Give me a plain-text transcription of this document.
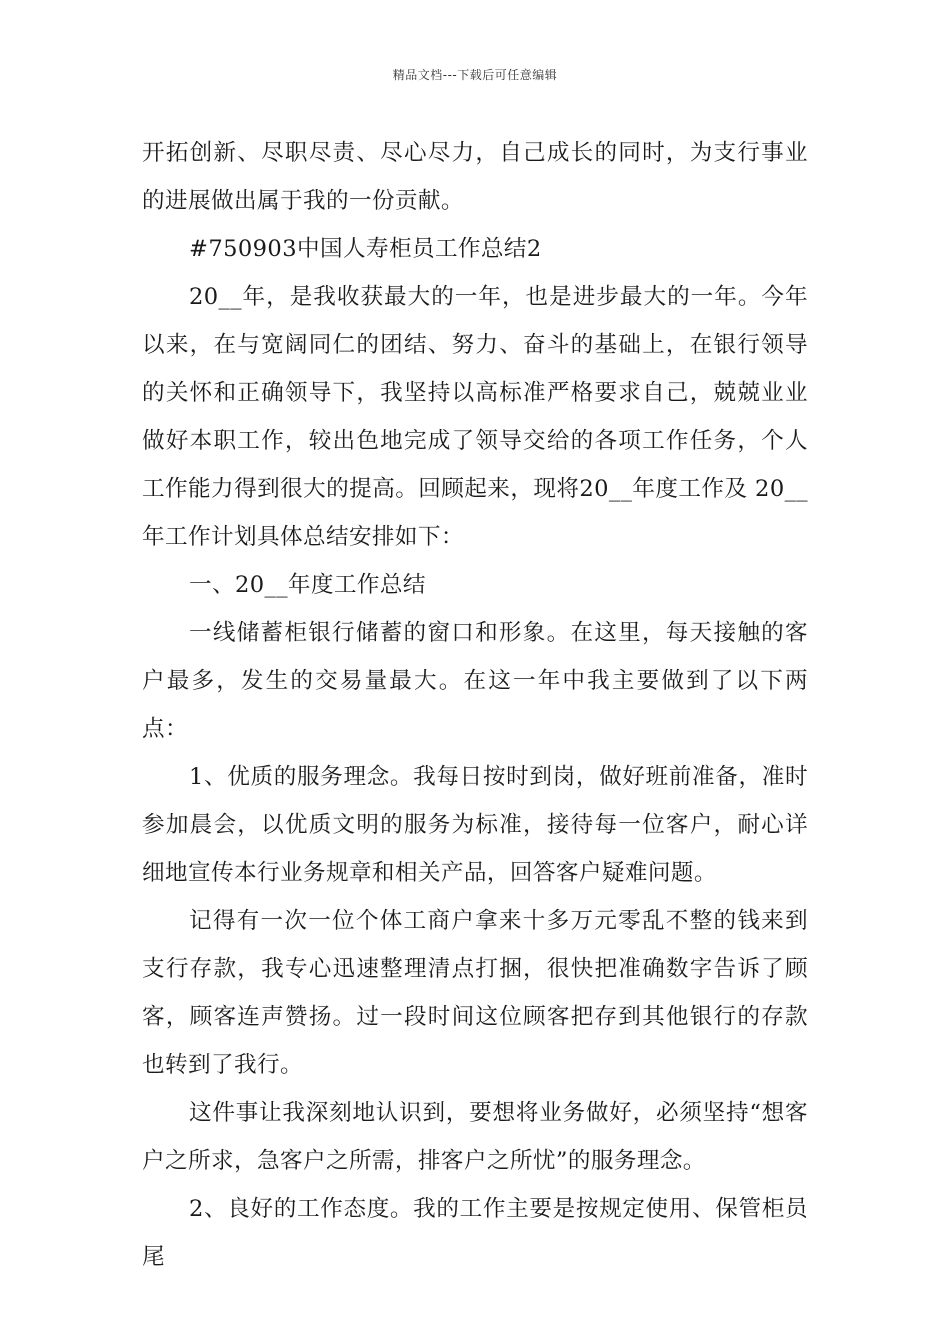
精品文档---下载后可任意编辑

开拓创新、尽职尽责、尽心尽力，自己成长的同时，为支行事业的进展做出属于我的一份贡献。

#750903中国人寿柜员工作总结2

20__年，是我收获最大的一年，也是进步最大的一年。今年以来，在与宽阔同仁的团结、努力、奋斗的基础上，在银行领导的关怀和正确领导下，我坚持以高标准严格要求自己，兢兢业业做好本职工作，较出色地完成了领导交给的各项工作任务，个人工作能力得到很大的提高。回顾起来，现将20__年度工作及 20__年工作计划具体总结安排如下：

一、20__年度工作总结

一线储蓄柜银行储蓄的窗口和形象。在这里，每天接触的客户最多，发生的交易量最大。在这一年中我主要做到了以下两点：

1、优质的服务理念。我每日按时到岗，做好班前准备，准时参加晨会，以优质文明的服务为标准，接待每一位客户，耐心详细地宣传本行业务规章和相关产品，回答客户疑难问题。

记得有一次一位个体工商户拿来十多万元零乱不整的钱来到支行存款，我专心迅速整理清点打捆，很快把准确数字告诉了顾客，顾客连声赞扬。过一段时间这位顾客把存到其他银行的存款也转到了我行。

这件事让我深刻地认识到，要想将业务做好，必须坚持“想客户之所求，急客户之所需，排客户之所忧”的服务理念。

2、良好的工作态度。我的工作主要是按规定使用、保管柜员尾
